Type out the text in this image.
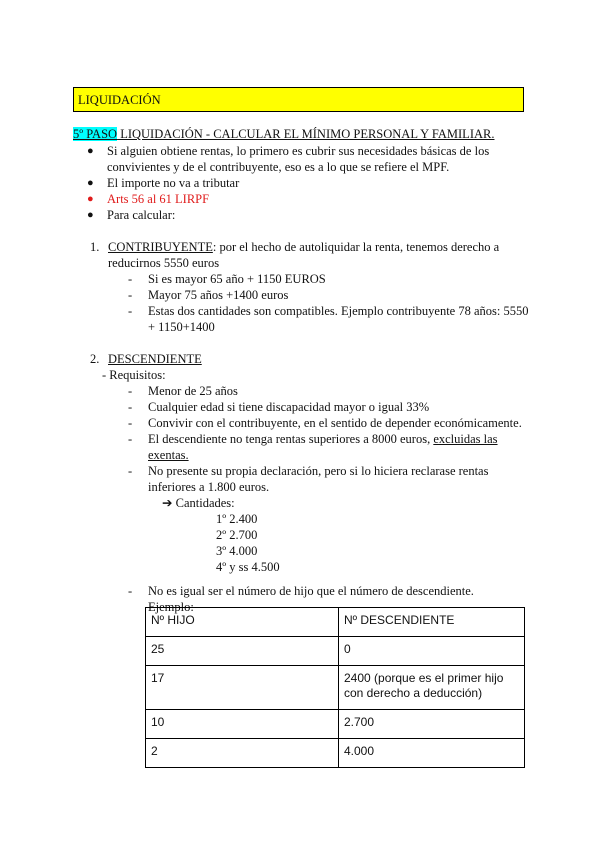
LIQUIDACIÓN
5º PASO LIQUIDACIÓN - CALCULAR EL MÍNIMO PERSONAL Y FAMILIAR.
● Si alguien obtiene rentas, lo primero es cubrir sus necesidades básicas de los convivientes y de el contribuyente, eso es a lo que se refiere el MPF.
● El importe no va a tributar
● Arts 56 al 61 LIRPF
● Para calcular:
1. CONTRIBUYENTE: por el hecho de autoliquidar la renta, tenemos derecho a reducirnos 5550 euros
- Si es mayor 65 año + 1150 EUROS
- Mayor 75 años +1400 euros
- Estas dos cantidades son compatibles. Ejemplo contribuyente 78 años: 5550 + 1150+1400
2. DESCENDIENTE
- Requisitos:
- Menor de 25 años
- Cualquier edad si tiene discapacidad mayor o igual 33%
- Convivir con el contribuyente, en el sentido de depender económicamente.
- El descendiente no tenga rentas superiores a 8000 euros, excluidas las exentas.
- No presente su propia declaración, pero si lo hiciera reclarase rentas inferiores a 1.800 euros.
➔ Cantidades:
1º 2.400
2º 2.700
3º 4.000
4º y ss 4.500
- No es igual ser el número de hijo que el número de descendiente.
Ejemplo:
Nº HIJO	Nº DESCENDIENTE
25	0
17	2400 (porque es el primer hijo con derecho a deducción)
10	2.700
2	4.000
